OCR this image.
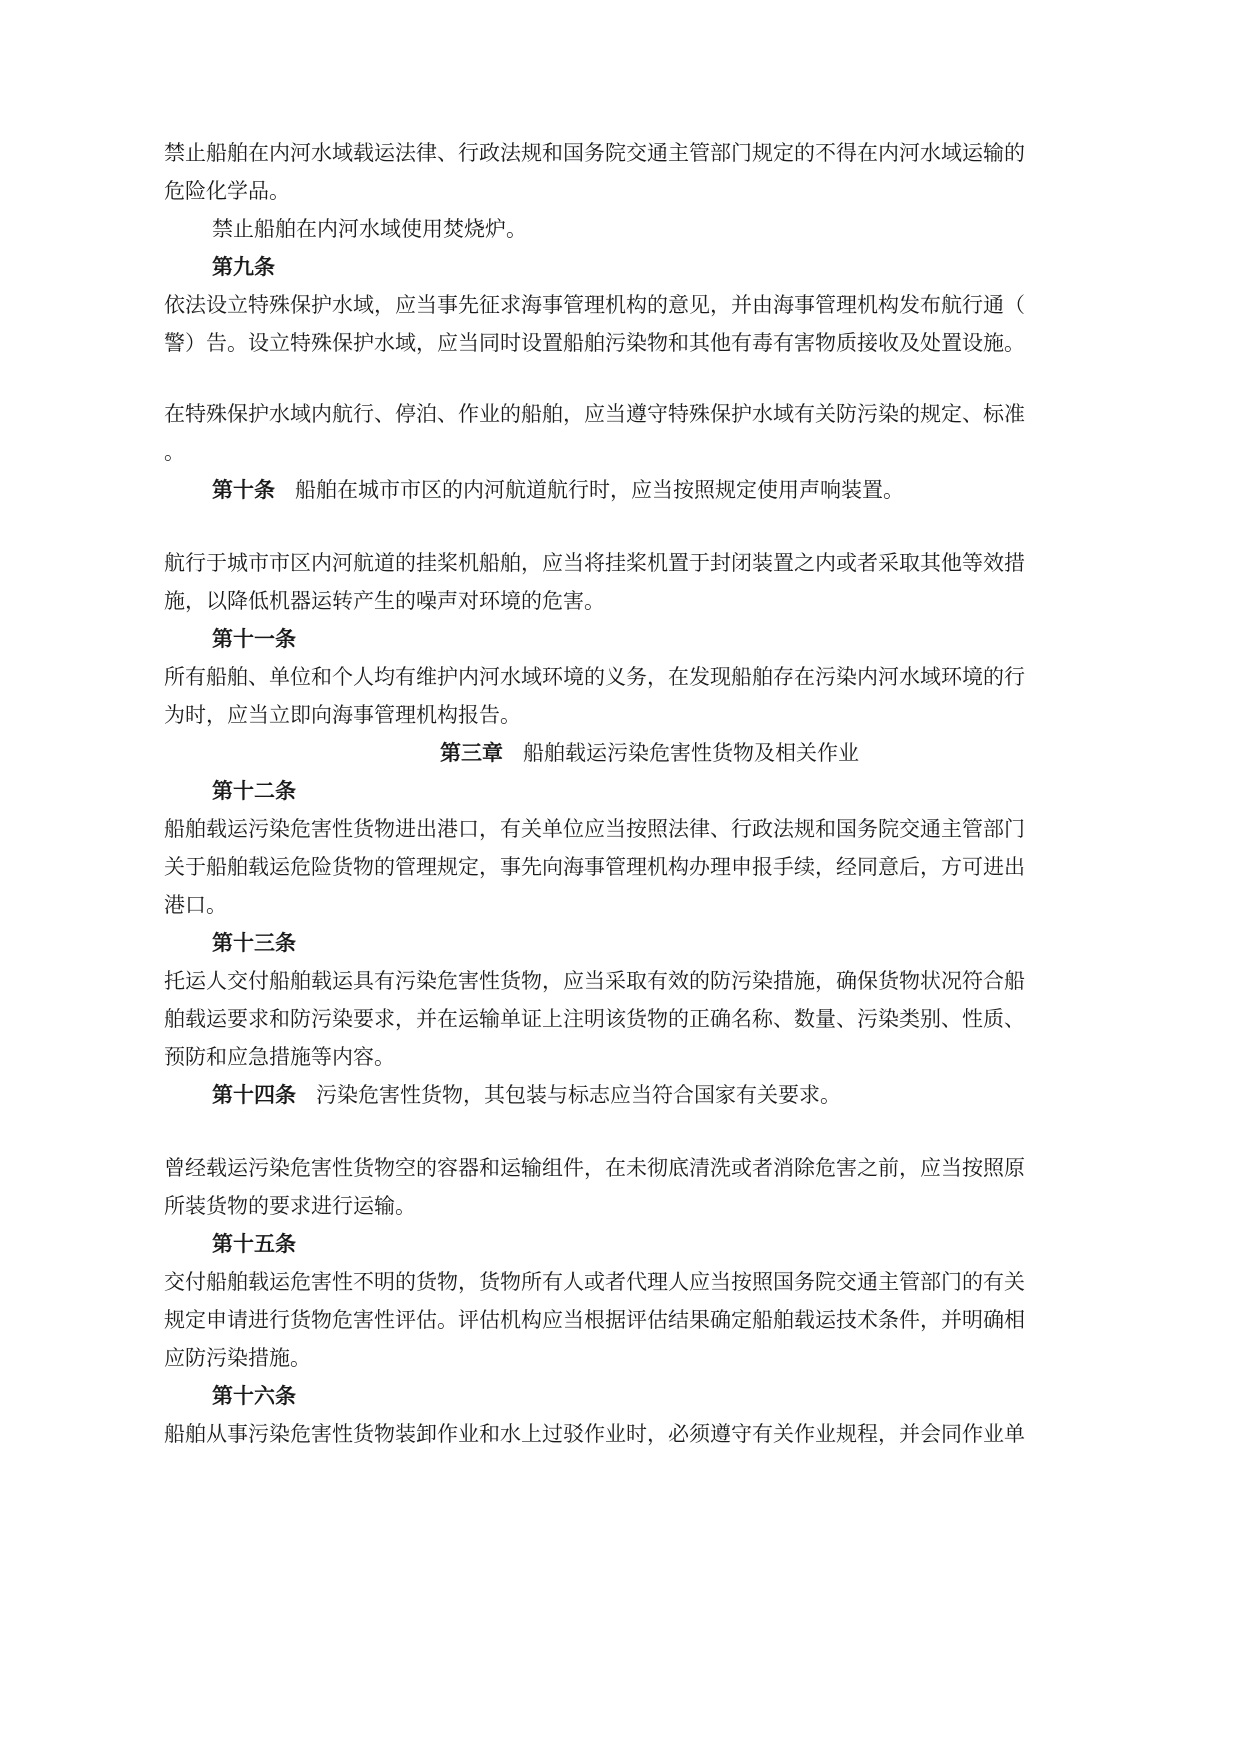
禁止船舶在内河水域载运法律、行政法规和国务院交通主管部门规定的不得在内河水域运输的
危险化学品。
禁止船舶在内河水域使用焚烧炉。
第九条
依法设立特殊保护水域，应当事先征求海事管理机构的意见，并由海事管理机构发布航行通（
警）告。设立特殊保护水域，应当同时设置船舶污染物和其他有毒有害物质接收及处置设施。
在特殊保护水域内航行、停泊、作业的船舶，应当遵守特殊保护水域有关防污染的规定、标准
。
第十条 船舶在城市市区的内河航道航行时，应当按照规定使用声响装置。
航行于城市市区内河航道的挂桨机船舶，应当将挂桨机置于封闭装置之内或者采取其他等效措
施，以降低机器运转产生的噪声对环境的危害。
第十一条
所有船舶、单位和个人均有维护内河水域环境的义务，在发现船舶存在污染内河水域环境的行
为时，应当立即向海事管理机构报告。
第三章 船舶载运污染危害性货物及相关作业
第十二条
船舶载运污染危害性货物进出港口，有关单位应当按照法律、行政法规和国务院交通主管部门
关于船舶载运危险货物的管理规定，事先向海事管理机构办理申报手续，经同意后，方可进出
港口。
第十三条
托运人交付船舶载运具有污染危害性货物，应当采取有效的防污染措施，确保货物状况符合船
舶载运要求和防污染要求，并在运输单证上注明该货物的正确名称、数量、污染类别、性质、
预防和应急措施等内容。
第十四条 污染危害性货物，其包装与标志应当符合国家有关要求。
曾经载运污染危害性货物空的容器和运输组件，在未彻底清洗或者消除危害之前，应当按照原
所装货物的要求进行运输。
第十五条
交付船舶载运危害性不明的货物，货物所有人或者代理人应当按照国务院交通主管部门的有关
规定申请进行货物危害性评估。评估机构应当根据评估结果确定船舶载运技术条件，并明确相
应防污染措施。
第十六条
船舶从事污染危害性货物装卸作业和水上过驳作业时，必须遵守有关作业规程，并会同作业单
